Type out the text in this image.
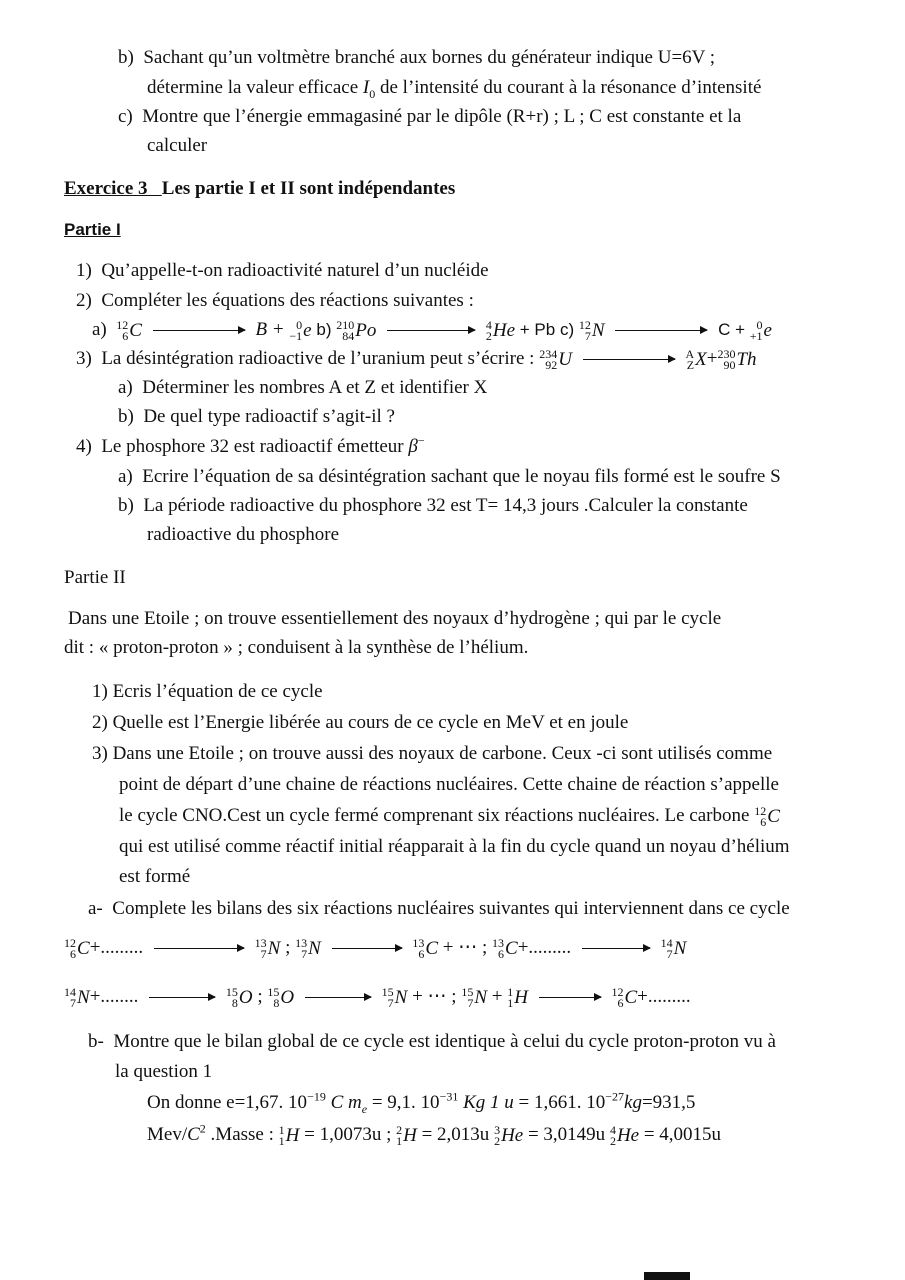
b) Sachant qu’un voltmètre branché aux bornes du générateur indique U=6V ;
détermine la valeur efficace $I_0$ de l’intensité du courant à la résonance d’intensité
c) Montre que l’énergie emmagasiné par le dipôle (R+r) ; L ; C est constante et la
calculer
Exercice 3 Les partie I et II sont indépendantes
Partie I
1) Qu’appelle-t-on radioactivité naturel d’un nucléide
2) Compléter les équations des réactions suivantes :
a) 12
6 C	B + 0
−1 e b) 210
84 Po
	4
2 He + Pb c) 12
7 N	C + 0
+1 e
3) La désintégration radioactive de l’uranium peut s’écrire : 234
92 U
	A
Z X + 230
90 Th
a) Déterminer les nombres A et Z et identifier X
b) De quel type radioactif s’agit-il ?
4) Le phosphore 32 est radioactif émetteur β−
a) Ecrire l’équation de sa désintégration sachant que le noyau fils formé est le soufre S
b) La période radioactive du phosphore 32 est T= 14,3 jours .Calculer la constante
radioactive du phosphore
Partie II
Dans une Etoile ; on trouve essentiellement des noyaux d’hydrogène ; qui par le cycle
dit : « proton-proton » ; conduisent à la synthèse de l’hélium.
1) Ecris l’équation de ce cycle
2) Quelle est l’Energie libérée au cours de ce cycle en MeV et en joule
3) Dans une Etoile ; on trouve aussi des noyaux de carbone. Ceux -ci sont utilisés comme
point de départ d’une chaine de réactions nucléaires. Cette chaine de réaction s’appelle
le cycle CNO.Cest un cycle fermé comprenant six réactions nucléaires. Le carbone 12
6 C
qui est utilisé comme réactif initial réapparait à la fin du cycle quand un noyau d’hélium
est formé
a- Complete les bilans des six réactions nucléaires suivantes qui interviennent dans ce cycle
12
6 C +.........	13
7 N ; 13
7 N
	13
6 C + ⋯ ; 13
6 C +.........	14
7 N
14
7 N +........	15
8 O ; 15
8 O
	15
7 N + ⋯ ; 15
7 N + 1
1 H
	12
6 C +.........
b- Montre que le bilan global de ce cycle est identique à celui du cycle proton-proton vu à
la question 1
On donne e=1,67. $10^{-19}$ C $m_e = 9,1$. $10^{-31}$ Kg 1 u = 1,661. $10^{-27}kg=931,5$
Mev/$C^2$ .Masse : 1
1 H = 1,0073u ; 2
1 H = 2,013u 3
2 He = 3,0149u 4
2 He = 4,0015u
